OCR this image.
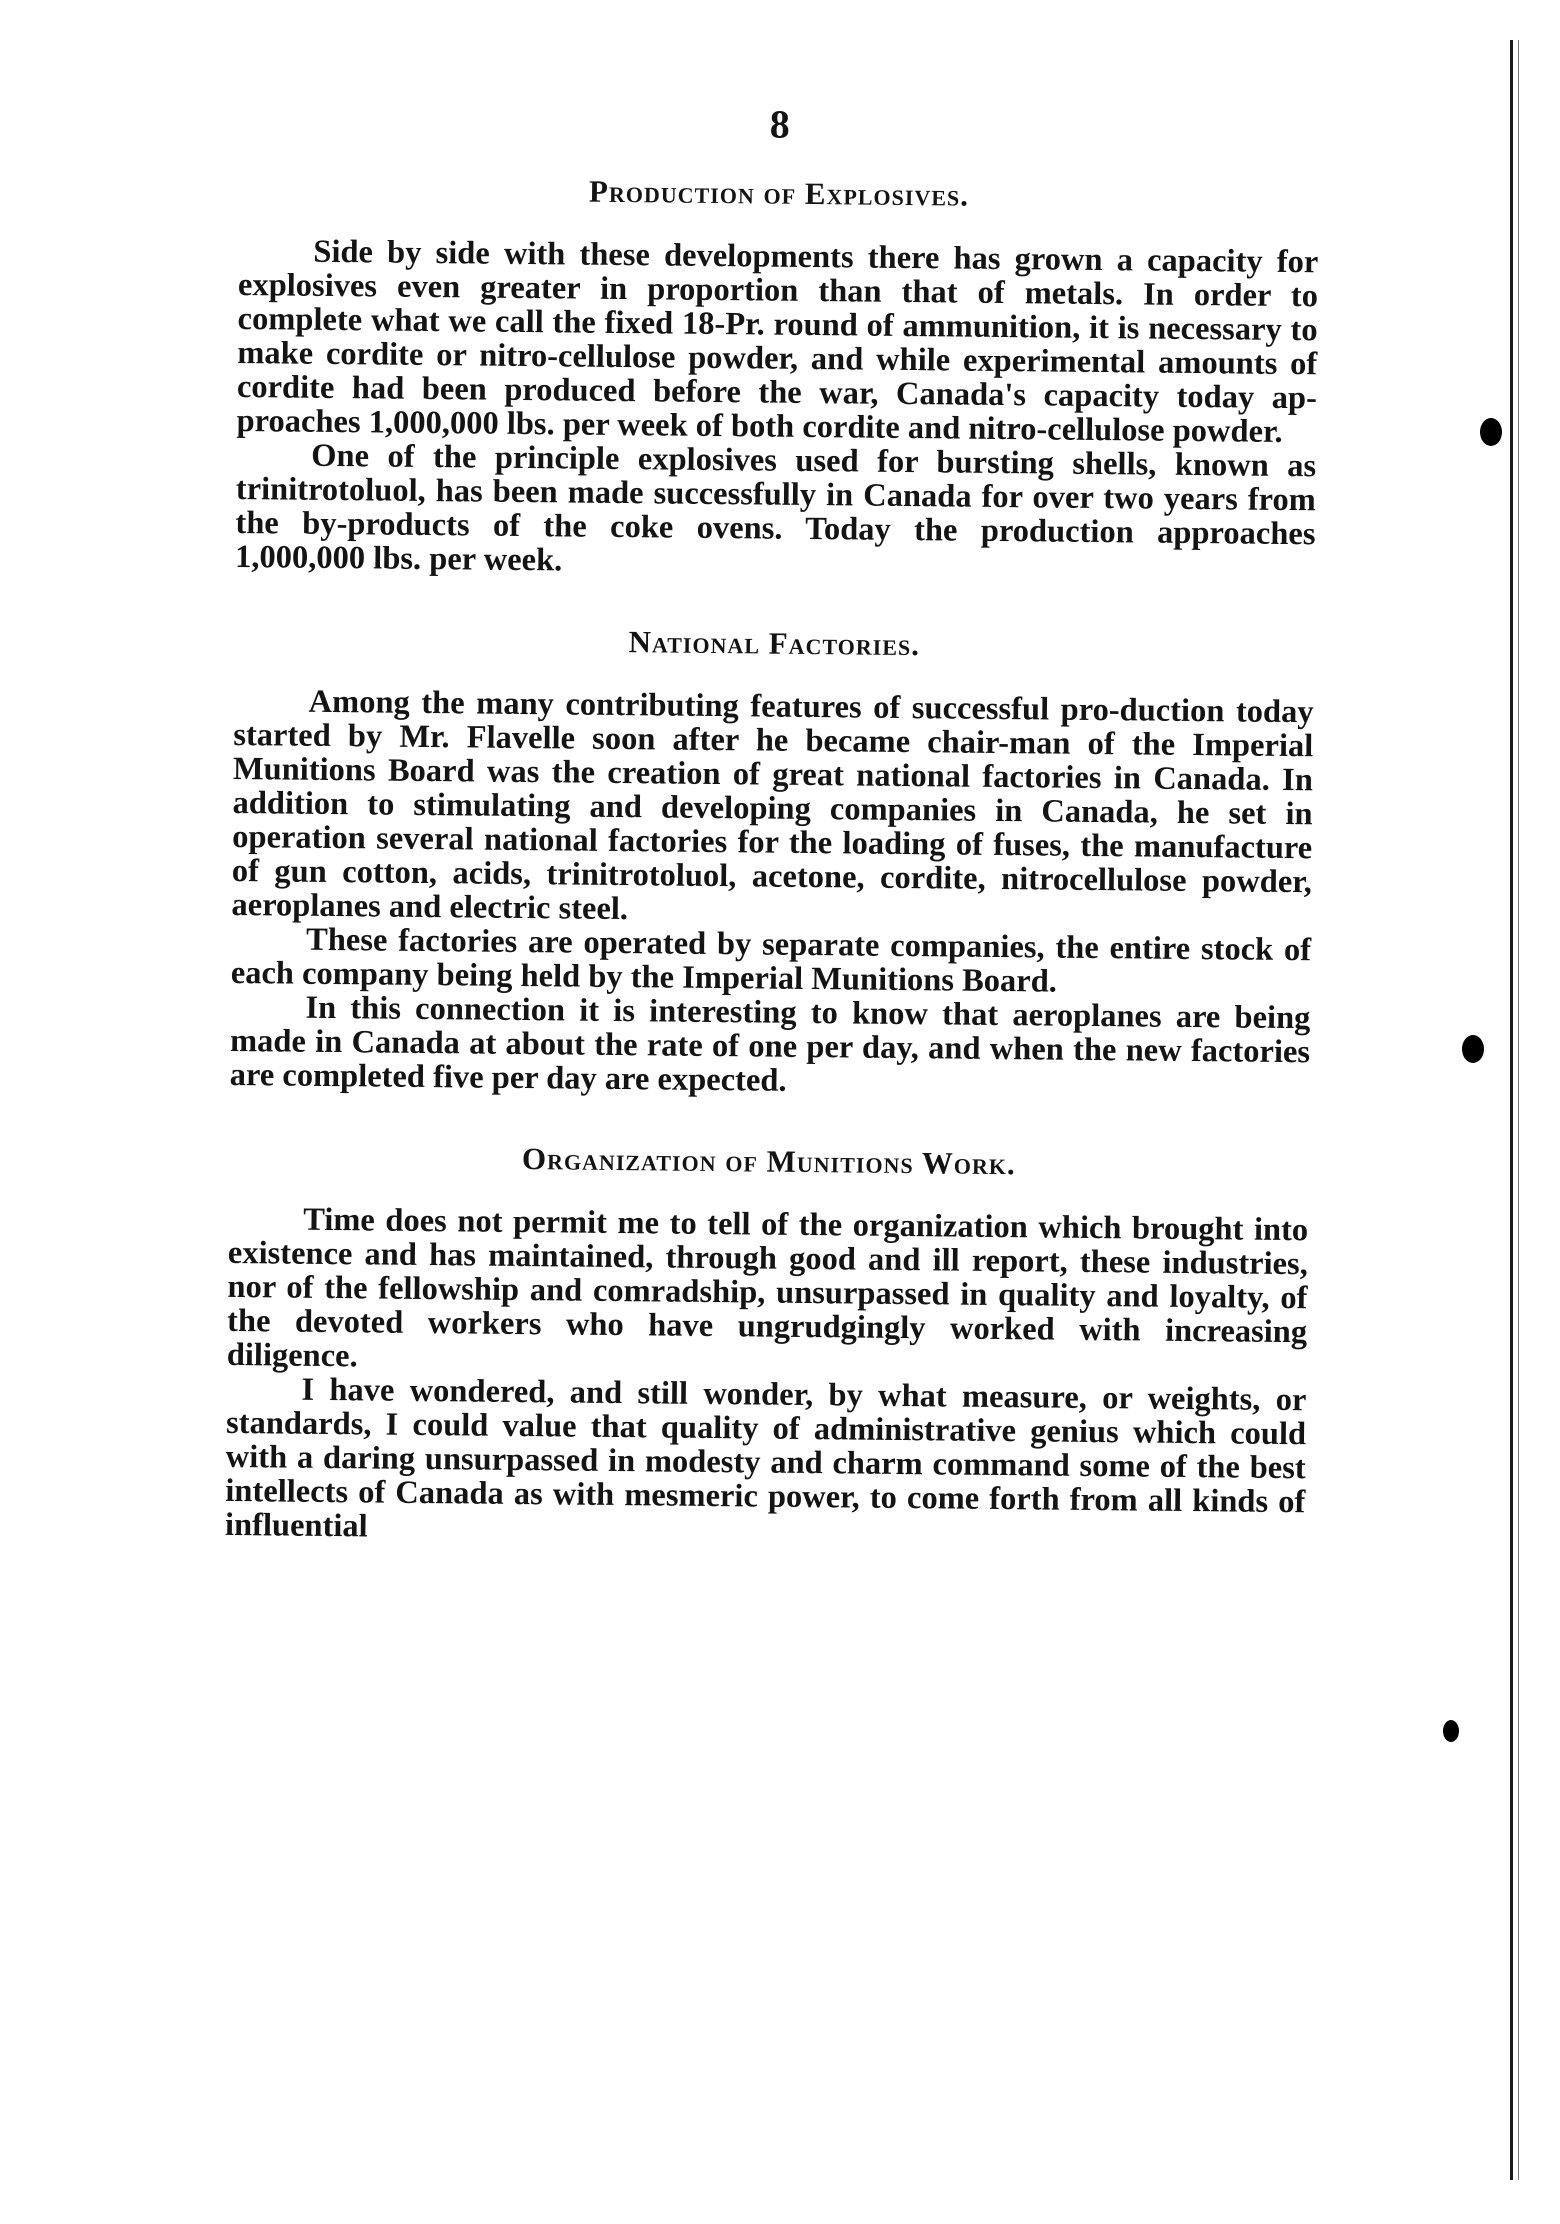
8
Production of Explosives.

Side by side with these developments there has grown a capacity for explosives even greater in proportion than that of metals. In order to complete what we call the fixed 18-Pr. round of ammunition, it is necessary to make cordite or nitro-cellulose powder, and while experimental amounts of cordite had been produced before the war, Canada's capacity today ap-proaches 1,000,000 lbs. per week of both cordite and nitro-cellulose powder.

One of the principle explosives used for bursting shells, known as trinitrotoluol, has been made successfully in Canada for over two years from the by-products of the coke ovens. Today the production approaches 1,000,000 lbs. per week.

National Factories.

Among the many contributing features of successful pro-duction today started by Mr. Flavelle soon after he became chair-man of the Imperial Munitions Board was the creation of great national factories in Canada. In addition to stimulating and developing companies in Canada, he set in operation several national factories for the loading of fuses, the manufacture of gun cotton, acids, trinitrotoluol, acetone, cordite, nitrocellulose powder, aeroplanes and electric steel.

These factories are operated by separate companies, the entire stock of each company being held by the Imperial Munitions Board.

In this connection it is interesting to know that aeroplanes are being made in Canada at about the rate of one per day, and when the new factories are completed five per day are expected.

Organization of Munitions Work.

Time does not permit me to tell of the organization which brought into existence and has maintained, through good and ill report, these industries, nor of the fellowship and comradship, unsurpassed in quality and loyalty, of the devoted workers who have ungrudgingly worked with increasing diligence.

I have wondered, and still wonder, by what measure, or weights, or standards, I could value that quality of administrative genius which could with a daring unsurpassed in modesty and charm command some of the best intellects of Canada as with mesmeric power, to come forth from all kinds of influential
